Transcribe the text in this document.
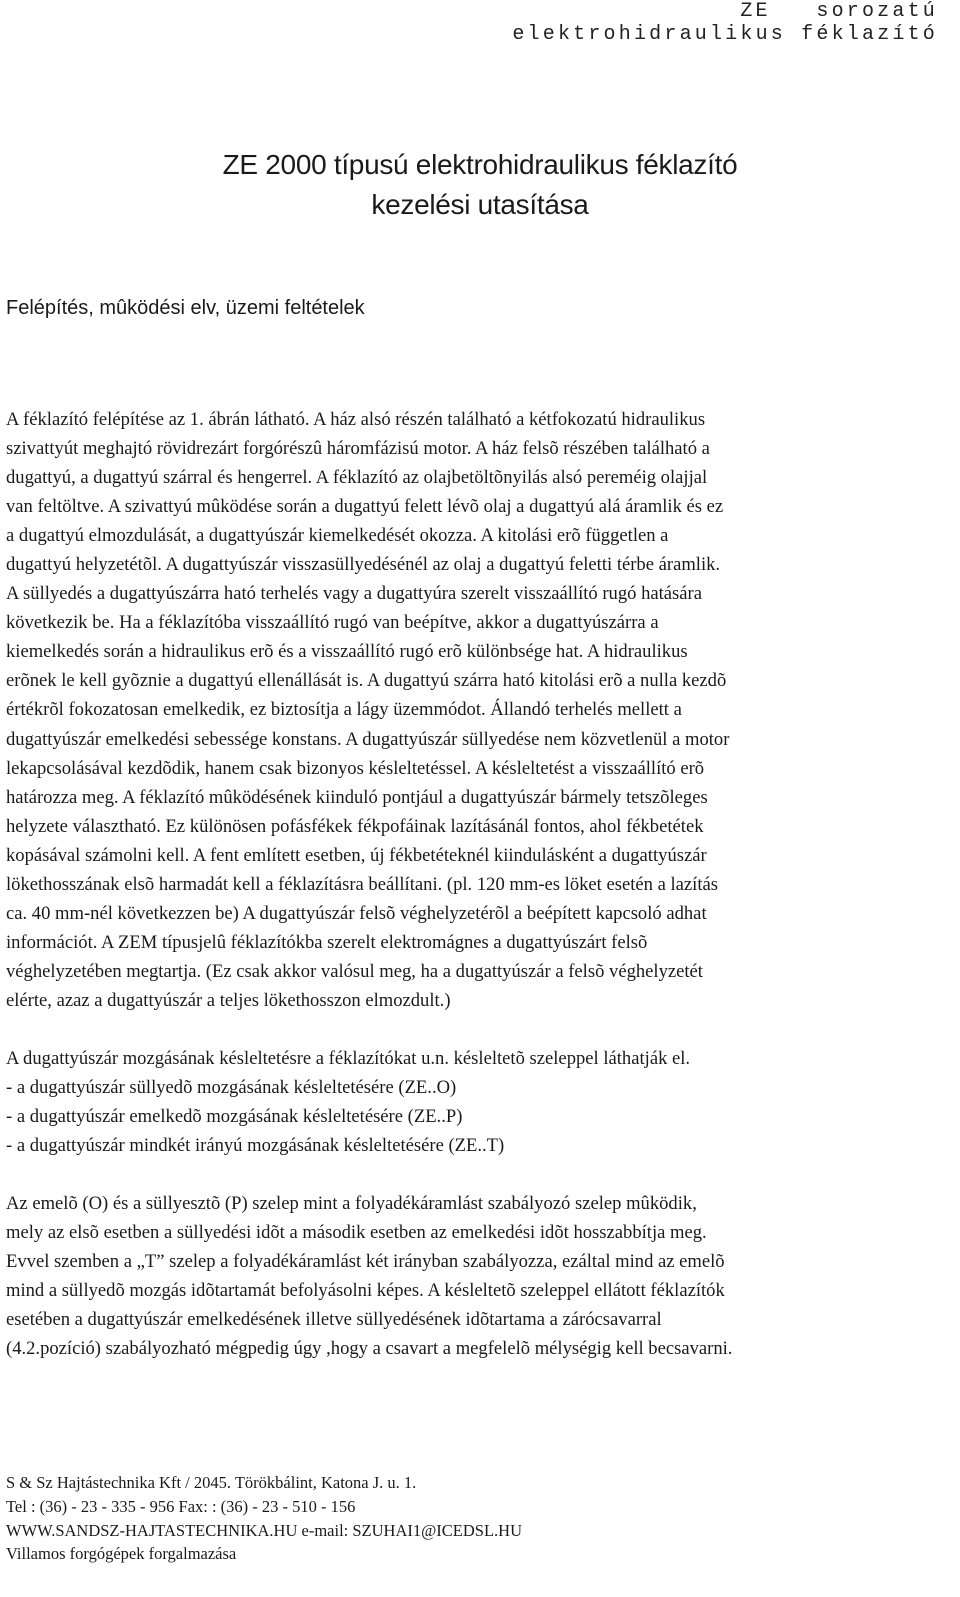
ZE   sorozatú
elektrohidraulikus féklazító
ZE 2000 típusú elektrohidraulikus féklazító
kezelési utasítása
Felépítés, mûködési elv, üzemi feltételek
A féklazító felépítése az 1. ábrán látható. A ház alsó részén található a kétfokozatú hidraulikus
szivattyút meghajtó rövidrezárt forgórészû háromfázisú motor. A ház felsõ részében található a
dugattyú, a dugattyú szárral és hengerrel. A féklazító az olajbetöltõnyilás alsó pereméig olajjal
van feltöltve. A szivattyú mûködése során a dugattyú felett lévõ olaj a dugattyú alá áramlik és ez
a dugattyú elmozdulását, a dugattyúszár kiemelkedését okozza. A kitolási erõ független a
dugattyú helyzetétõl. A dugattyúszár visszasüllyedésénél az olaj a dugattyú feletti térbe áramlik.
A süllyedés a dugattyúszárra ható terhelés vagy a dugattyúra szerelt visszaállító rugó hatására
következik be. Ha a féklazítóba visszaállító rugó van beépítve, akkor a dugattyúszárra a
kiemelkedés során a hidraulikus erõ és a visszaállító rugó erõ különbsége hat. A hidraulikus
erõnek le kell gyõznie a dugattyú ellenállását is. A dugattyú szárra ható kitolási erõ a nulla kezdõ
értékrõl fokozatosan emelkedik, ez biztosítja a lágy üzemmódot. Állandó terhelés mellett a
dugattyúszár emelkedési sebessége konstans. A dugattyúszár süllyedése nem közvetlenül a motor
lekapcsolásával kezdõdik, hanem csak bizonyos késleltetéssel. A késleltetést a visszaállító erõ
határozza meg. A féklazító mûködésének kiinduló pontjául a dugattyúszár bármely tetszõleges
helyzete választható. Ez különösen pofásfékek fékpofáinak lazításánál fontos, ahol fékbetétek
kopásával számolni kell. A fent említett esetben, új fékbetéteknél kiindulásként a dugattyúszár
lökethosszának elsõ harmadát kell a féklazításra beállítani. (pl. 120 mm-es löket esetén a lazítás
ca. 40 mm-nél következzen be) A dugattyúszár felsõ véghelyzetérõl a beépített kapcsoló adhat
információt. A ZEM típusjelû féklazítókba szerelt elektromágnes a dugattyúszárt felsõ
véghelyzetében megtartja. (Ez csak akkor valósul meg, ha a dugattyúszár a felsõ véghelyzetét
elérte, azaz a dugattyúszár a teljes lökethosszon elmozdult.)
A dugattyúszár mozgásának késleltetésre a féklazítókat u.n. késleltetõ szeleppel láthatják el.
- a dugattyúszár süllyedõ mozgásának késleltetésére (ZE..O)
- a dugattyúszár emelkedõ mozgásának késleltetésére (ZE..P)
- a dugattyúszár mindkét irányú mozgásának késleltetésére (ZE..T)
Az emelõ (O) és a süllyesztõ (P) szelep mint a folyadékáramlást szabályozó szelep mûködik,
mely az elsõ esetben a süllyedési idõt a második esetben az emelkedési idõt hosszabbítja meg.
Evvel szemben a „T” szelep a folyadékáramlást két irányban szabályozza, ezáltal mind az emelõ
mind a süllyedõ mozgás idõtartamát befolyásolni képes. A késleltetõ szeleppel ellátott féklazítók
esetében a dugattyúszár emelkedésének illetve süllyedésének idõtartama a zárócsavarral
(4.2.pozíció) szabályozható mégpedig úgy ,hogy a csavart a megfelelõ mélységig kell becsavarni.
S & Sz Hajtástechnika Kft / 2045. Törökbálint, Katona J. u. 1.
Tel : (36) - 23 - 335 - 956 Fax: : (36) - 23 - 510 - 156
WWW.SANDSZ-HAJTASTECHNIKA.HU e-mail: SZUHAI1@ICEDSL.HU
Villamos forgógépek forgalmazása
